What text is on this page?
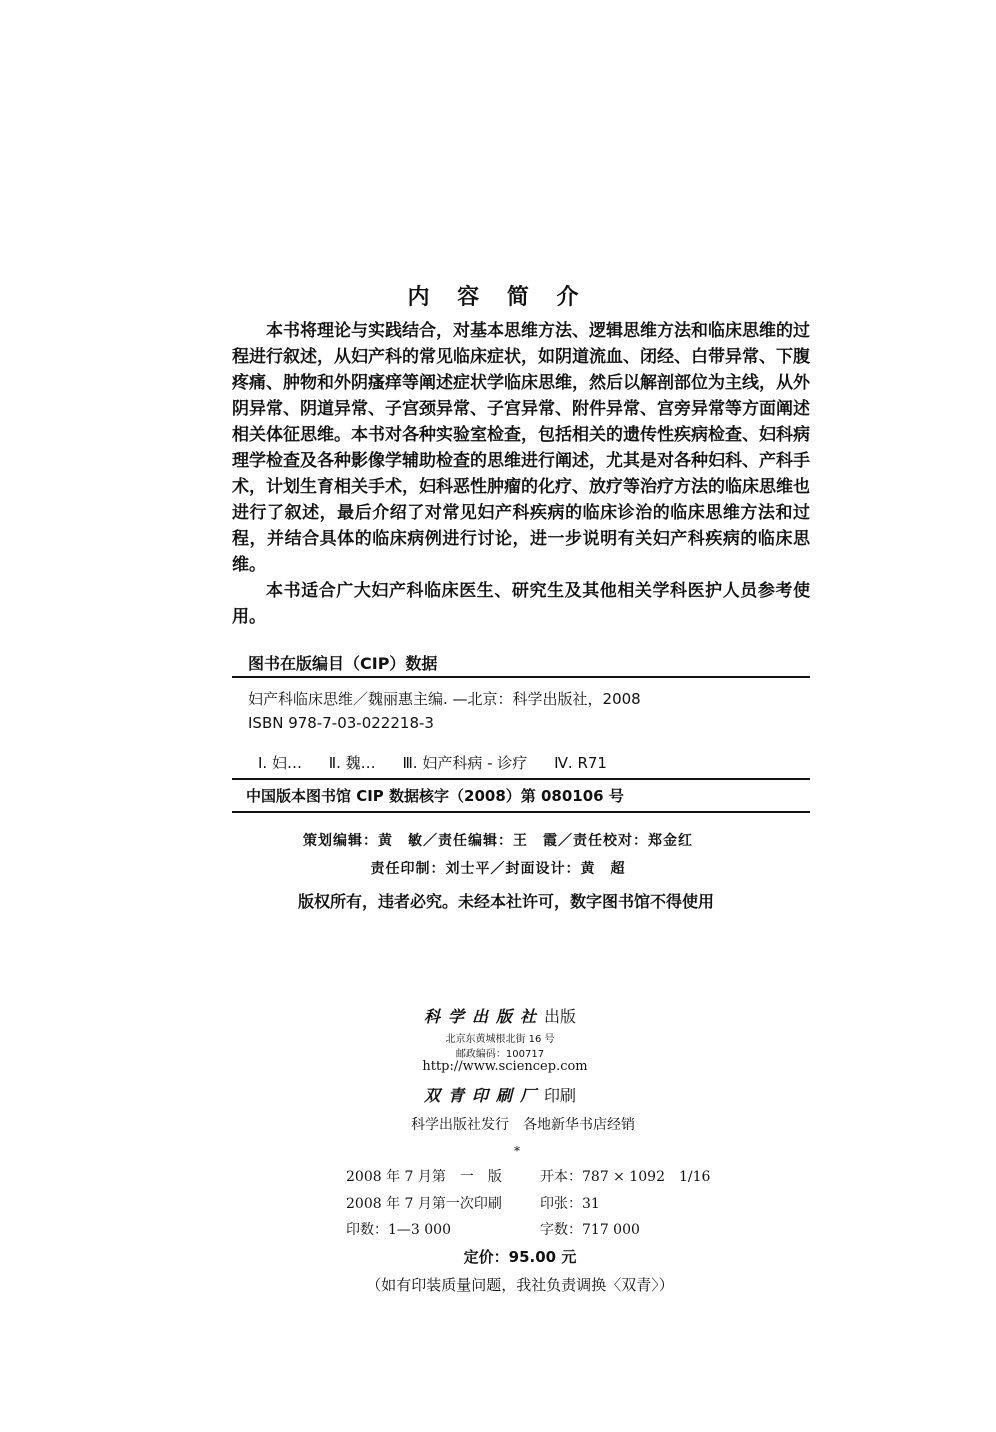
内 容 简 介

本书将理论与实践结合，对基本思维方法、逻辑思维方法和临床思维的过程进行叙述，从妇产科的常见临床症状，如阴道流血、闭经、白带异常、下腹疼痛、肿物和外阴瘙痒等阐述症状学临床思维，然后以解剖部位为主线，从外阴异常、阴道异常、子宫颈异常、子宫异常、附件异常、宫旁异常等方面阐述相关体征思维。本书对各种实验室检查，包括相关的遗传性疾病检查、妇科病理学检查及各种影像学辅助检查的思维进行阐述，尤其是对各种妇科、产科手术，计划生育相关手术，妇科恶性肿瘤的化疗、放疗等治疗方法的临床思维也进行了叙述，最后介绍了对常见妇产科疾病的临床诊治的临床思维方法和过程，并结合具体的临床病例进行讨论，进一步说明有关妇产科疾病的临床思维。

本书适合广大妇产科临床医生、研究生及其他相关学科医护人员参考使用。

图书在版编目（CIP）数据
妇产科临床思维／魏丽惠主编. —北京：科学出版社，2008
ISBN 978-7-03-022218-3
Ⅰ. 妇… Ⅱ. 魏… Ⅲ. 妇产科病 - 诊疗 Ⅳ. R71
中国版本图书馆 CIP 数据核字（2008）第 080106 号
策划编辑：黄　敏／责任编辑：王　霞／责任校对：郑金红
责任印制：刘士平／封面设计：黄　超
版权所有，违者必究。未经本社许可，数字图书馆不得使用
科学出版社出版
北京东黄城根北街 16 号
邮政编码：100717
http://www.sciencep.com
双青印刷厂印刷
科学出版社发行　各地新华书店经销
*
2008 年 7 月第　一　版	开本：787 × 1092　1/16
2008 年 7 月第一次印刷	印张：31
印数：1—3 000	字数：717 000
定价：95.00 元
（如有印装质量问题，我社负责调换〈双青〉）
